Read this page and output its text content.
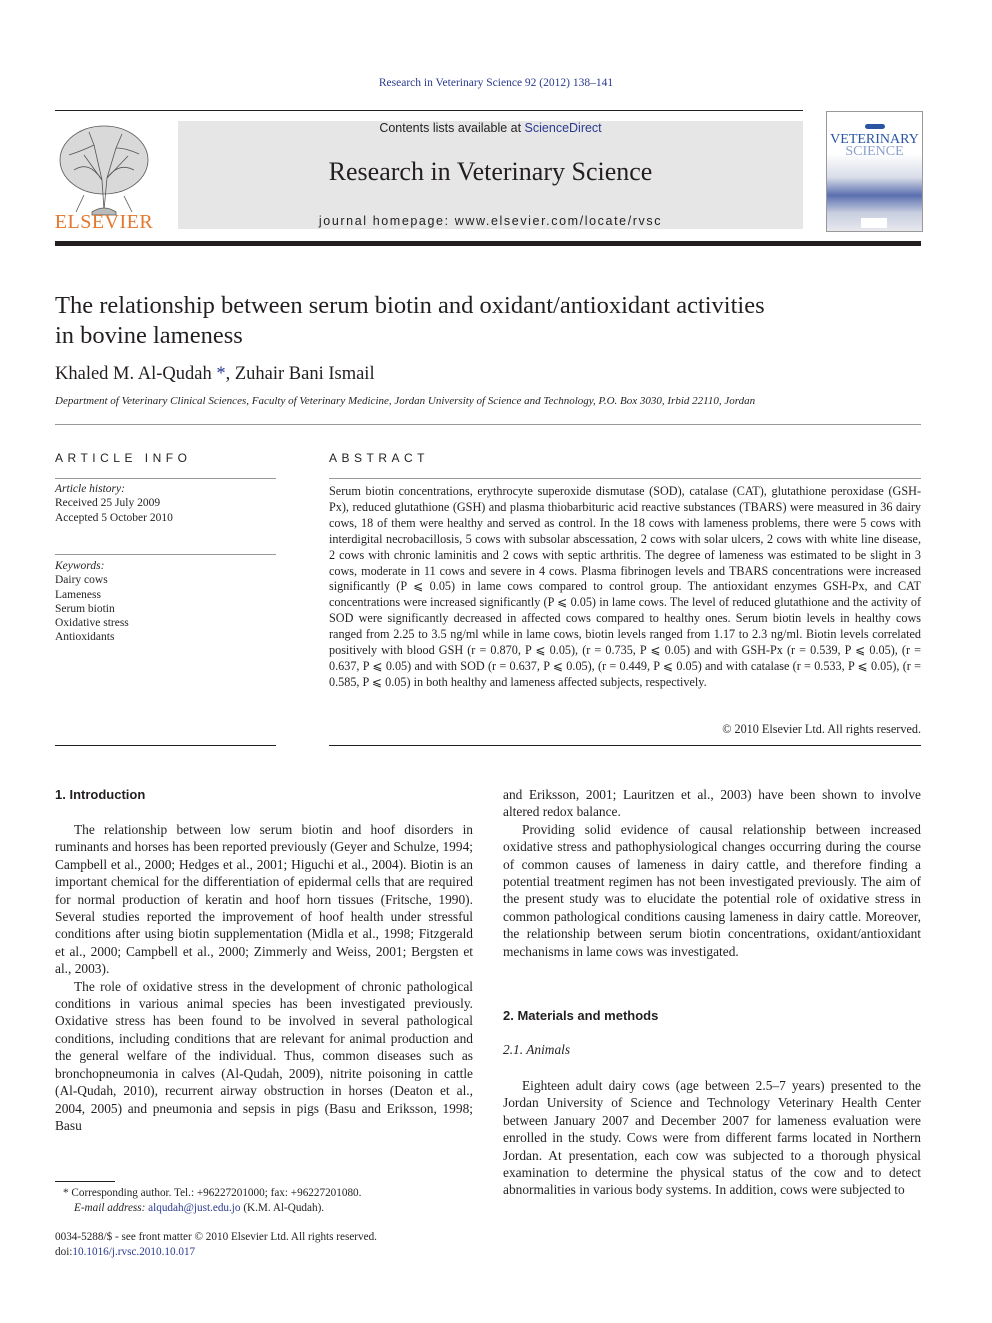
Research in Veterinary Science 92 (2012) 138–141
ELSEVIER
Contents lists available at ScienceDirect
Research in Veterinary Science
journal homepage: www.elsevier.com/locate/rvsc
VETERINARY
SCIENCE
The relationship between serum biotin and oxidant/antioxidant activities
in bovine lameness
Khaled M. Al-Qudah *, Zuhair Bani Ismail
Department of Veterinary Clinical Sciences, Faculty of Veterinary Medicine, Jordan University of Science and Technology, P.O. Box 3030, Irbid 22110, Jordan
ARTICLE INFO
Article history:
Received 25 July 2009
Accepted 5 October 2010
Keywords:
Dairy cows
Lameness
Serum biotin
Oxidative stress
Antioxidants
ABSTRACT
Serum biotin concentrations, erythrocyte superoxide dismutase (SOD), catalase (CAT), glutathione peroxidase (GSH-Px), reduced glutathione (GSH) and plasma thiobarbituric acid reactive substances (TBARS) were measured in 36 dairy cows, 18 of them were healthy and served as control. In the 18 cows with lameness problems, there were 5 cows with interdigital necrobacillosis, 5 cows with subsolar abscessation, 2 cows with solar ulcers, 2 cows with white line disease, 2 cows with chronic laminitis and 2 cows with septic arthritis. The degree of lameness was estimated to be slight in 3 cows, moderate in 11 cows and severe in 4 cows. Plasma fibrinogen levels and TBARS concentrations were increased significantly (P ⩽ 0.05) in lame cows compared to control group. The antioxidant enzymes GSH-Px, and CAT concentrations were increased significantly (P ⩽ 0.05) in lame cows. The level of reduced glutathione and the activity of SOD were significantly decreased in affected cows compared to healthy ones. Serum biotin levels in healthy cows ranged from 2.25 to 3.5 ng/ml while in lame cows, biotin levels ranged from 1.17 to 2.3 ng/ml. Biotin levels correlated positively with blood GSH (r = 0.870, P ⩽ 0.05), (r = 0.735, P ⩽ 0.05) and with GSH-Px (r = 0.539, P ⩽ 0.05), (r = 0.637, P ⩽ 0.05) and with SOD (r = 0.637, P ⩽ 0.05), (r = 0.449, P ⩽ 0.05) and with catalase (r = 0.533, P ⩽ 0.05), (r = 0.585, P ⩽ 0.05) in both healthy and lameness affected subjects, respectively.
© 2010 Elsevier Ltd. All rights reserved.
1. Introduction

The relationship between low serum biotin and hoof disorders in ruminants and horses has been reported previously (Geyer and Schulze, 1994; Campbell et al., 2000; Hedges et al., 2001; Higuchi et al., 2004). Biotin is an important chemical for the differentiation of epidermal cells that are required for normal production of keratin and hoof horn tissues (Fritsche, 1990). Several studies reported the improvement of hoof health under stressful conditions after using biotin supplementation (Midla et al., 1998; Fitzgerald et al., 2000; Campbell et al., 2000; Zimmerly and Weiss, 2001; Bergsten et al., 2003).

The role of oxidative stress in the development of chronic pathological conditions in various animal species has been investigated previously. Oxidative stress has been found to be involved in several pathological conditions, including conditions that are relevant for animal production and the general welfare of the individual. Thus, common diseases such as bronchopneumonia in calves (Al-Qudah, 2009), nitrite poisoning in cattle (Al-Qudah, 2010), recurrent airway obstruction in horses (Deaton et al., 2004, 2005) and pneumonia and sepsis in pigs (Basu and Eriksson, 1998; Basu

and Eriksson, 2001; Lauritzen et al., 2003) have been shown to involve altered redox balance.

Providing solid evidence of causal relationship between increased oxidative stress and pathophysiological changes occurring during the course of common causes of lameness in dairy cattle, and therefore finding a potential treatment regimen has not been investigated previously. The aim of the present study was to elucidate the potential role of oxidative stress in common pathological conditions causing lameness in dairy cattle. Moreover, the relationship between serum biotin concentrations, oxidant/antioxidant mechanisms in lame cows was investigated.

2. Materials and methods
2.1. Animals

Eighteen adult dairy cows (age between 2.5–7 years) presented to the Jordan University of Science and Technology Veterinary Health Center between January 2007 and December 2007 for lameness evaluation were enrolled in the study. Cows were from different farms located in Northern Jordan. At presentation, each cow was subjected to a thorough physical examination to determine the physical status of the cow and to detect abnormalities in various body systems. In addition, cows were subjected to

* Corresponding author. Tel.: +96227201000; fax: +96227201080.
E-mail address: alqudah@just.edu.jo (K.M. Al-Qudah).
0034-5288/$ - see front matter © 2010 Elsevier Ltd. All rights reserved.
doi:10.1016/j.rvsc.2010.10.017
